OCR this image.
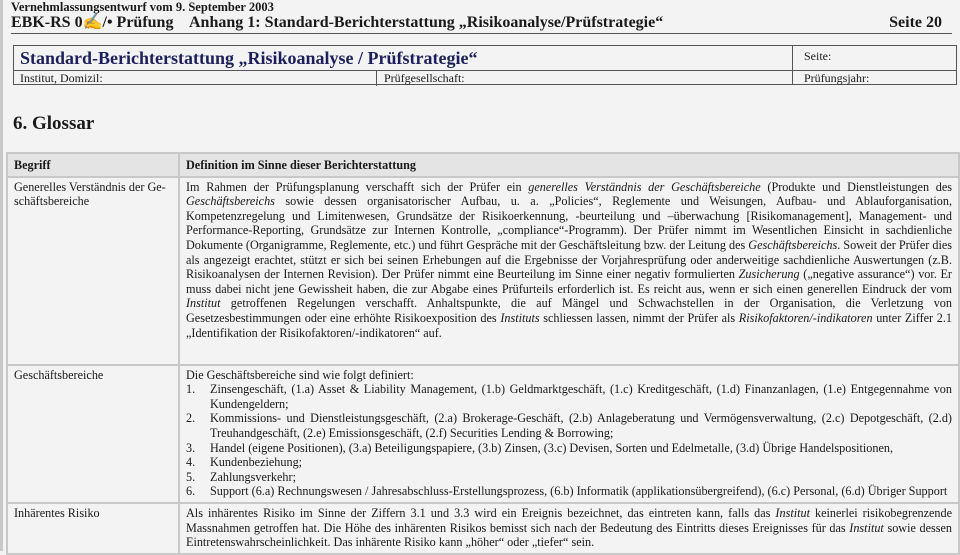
Vernehmlassungsentwurf vom 9. September 2003
EBK-RS 0✍/• Prüfung Anhang 1: Standard-Berichterstattung „Risikoanalyse/Prüfstrategie“	Seite 20
Standard-Berichterstattung „Risikoanalyse / Prüfstrategie“	Seite:
Institut, Domizil:	Prüfgesellschaft:	Prüfungsjahr:
6. Glossar
Begriff	Definition im Sinne dieser Berichterstattung
Generelles Verständnis der Geschäftsbereiche	Im Rahmen der Prüfungsplanung verschafft sich der Prüfer ein generelles Verständnis der Geschäftsbereiche (Produkte und Dienstleistungen des Geschäftsbereichs sowie dessen organisatorischer Aufbau, u. a. „Policies“, Reglemente und Weisungen, Aufbau- und Ablauforganisation, Kompetenzregelung und Limitenwesen, Grundsätze der Risikoerkennung, -beurteilung und –überwachung [Risikomanagement], Management- und Performance-Reporting, Grundsätze zur Internen Kontrolle, „compliance“-Programm). Der Prüfer nimmt im Wesentlichen Einsicht in sachdienliche Dokumente (Organigramme, Reglemente, etc.) und führt Gespräche mit der Geschäftsleitung bzw. der Leitung des Geschäftsbereichs. Soweit der Prüfer dies als angezeigt erachtet, stützt er sich bei seinen Erhebungen auf die Ergebnisse der Vorjahresprüfung oder anderweitige sachdienliche Auswertungen (z.B. Risikoanalysen der Internen Revision). Der Prüfer nimmt eine Beurteilung im Sinne einer negativ formulierten Zusicherung („negative assurance“) vor. Er muss dabei nicht jene Gewissheit haben, die zur Abgabe eines Prüfurteils erforderlich ist. Es reicht aus, wenn er sich einen generellen Eindruck der vom Institut getroffenen Regelungen verschafft. Anhaltspunkte, die auf Mängel und Schwachstellen in der Organisation, die Verletzung von Gesetzesbestimmungen oder eine erhöhte Risikoexposition des Instituts schliessen lassen, nimmt der Prüfer als Risikofaktoren/-indikatoren unter Ziffer 2.1 „Identifikation der Risikofaktoren/-indikatoren“ auf.

Geschäftsbereiche	Die Geschäftsbereiche sind wie folgt definiert:

1. Zinsengeschäft, (1.a) Asset & Liability Management, (1.b) Geldmarktgeschäft, (1.c) Kreditgeschäft, (1.d) Finanzanlagen, (1.e) Entgegennahme von Kundengeldern;
2. Kommissions- und Dienstleistungsgeschäft, (2.a) Brokerage-Geschäft, (2.b) Anlageberatung und Vermögensverwaltung, (2.c) Depotgeschäft, (2.d) Treuhandgeschäft, (2.e) Emissionsgeschäft, (2.f) Securities Lending & Borrowing;
3. Handel (eigene Positionen), (3.a) Beteiligungspapiere, (3.b) Zinsen, (3.c) Devisen, Sorten und Edelmetalle, (3.d) Übrige Handelspositionen,
4. Kundenbeziehung;
5. Zahlungsverkehr;
6. Support (6.a) Rechnungswesen / Jahresabschluss-Erstellungsprozess, (6.b) Informatik (applikationsübergreifend), (6.c) Personal, (6.d) Übriger Support

Inhärentes Risiko	Als inhärentes Risiko im Sinne der Ziffern 3.1 und 3.3 wird ein Ereignis bezeichnet, das eintreten kann, falls das Institut keinerlei risikobegrenzende Massnahmen getroffen hat. Die Höhe des inhärenten Risikos bemisst sich nach der Bedeutung des Eintritts dieses Ereignisses für das Institut sowie dessen Eintretenswahrscheinlichkeit. Das inhärente Risiko kann „höher“ oder „tiefer“ sein.
